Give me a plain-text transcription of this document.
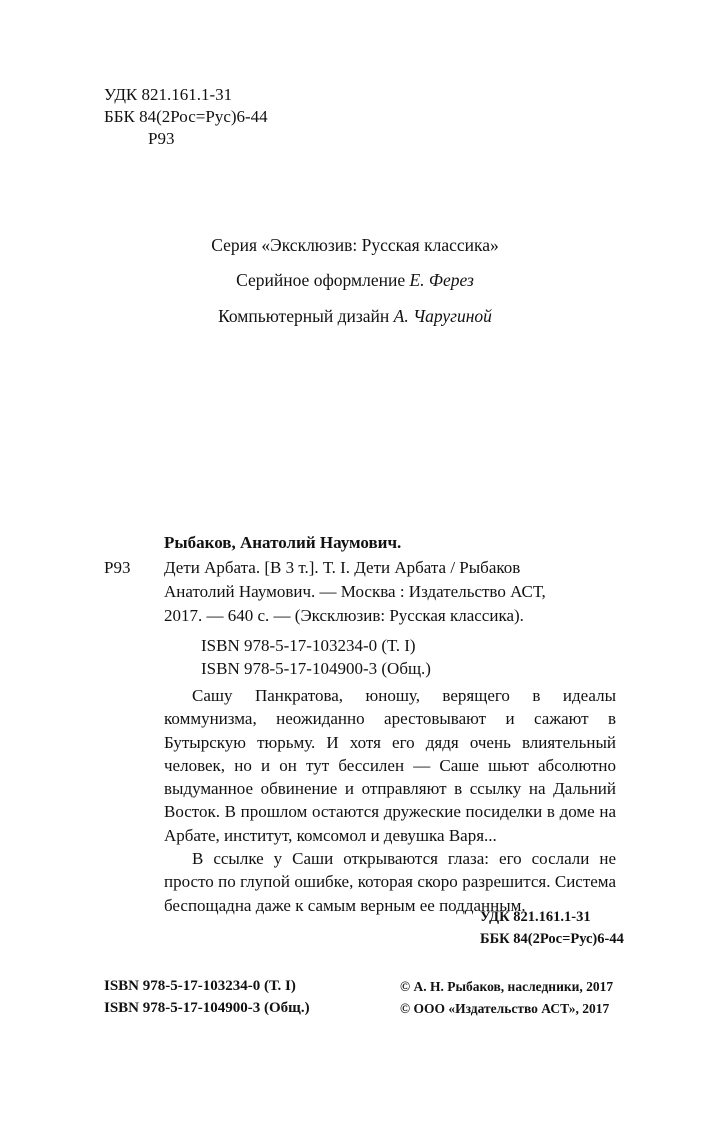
УДК 821.161.1-31
ББК 84(2Рос=Рус)6-44
Р93
Серия «Эксклюзив: Русская классика»
Серийное оформление Е. Ферез
Компьютерный дизайн А. Чаругиной
Рыбаков, Анатолий Наумович.
Р93 Дети Арбата. [В 3 т.]. Т. I. Дети Арбата / Рыбаков
Анатолий Наумович. — Москва : Издательство АСТ,
2017. — 640 с. — (Эксклюзив: Русская классика).
ISBN 978-5-17-103234-0 (Т. I)
ISBN 978-5-17-104900-3 (Общ.)

Сашу Панкратова, юношу, верящего в идеалы коммунизма, неожиданно арестовывают и сажают в Бутырскую тюрьму. И хотя его дядя очень влиятельный человек, но и он тут бессилен — Саше шьют абсолютно выдуманное обвинение и отправляют в ссылку на Дальний Восток. В прошлом остаются дружеские посиделки в доме на Арбате, институт, комсомол и девушка Варя...

В ссылке у Саши открываются глаза: его сослали не просто по глупой ошибке, которая скоро разрешится. Система беспощадна даже к самым верным ее подданным.

УДК 821.161.1-31
ББК 84(2Рос=Рус)6-44
ISBN 978-5-17-103234-0 (Т. I)
ISBN 978-5-17-104900-3 (Общ.)
© А. Н. Рыбаков, наследники, 2017
© ООО «Издательство АСТ», 2017
